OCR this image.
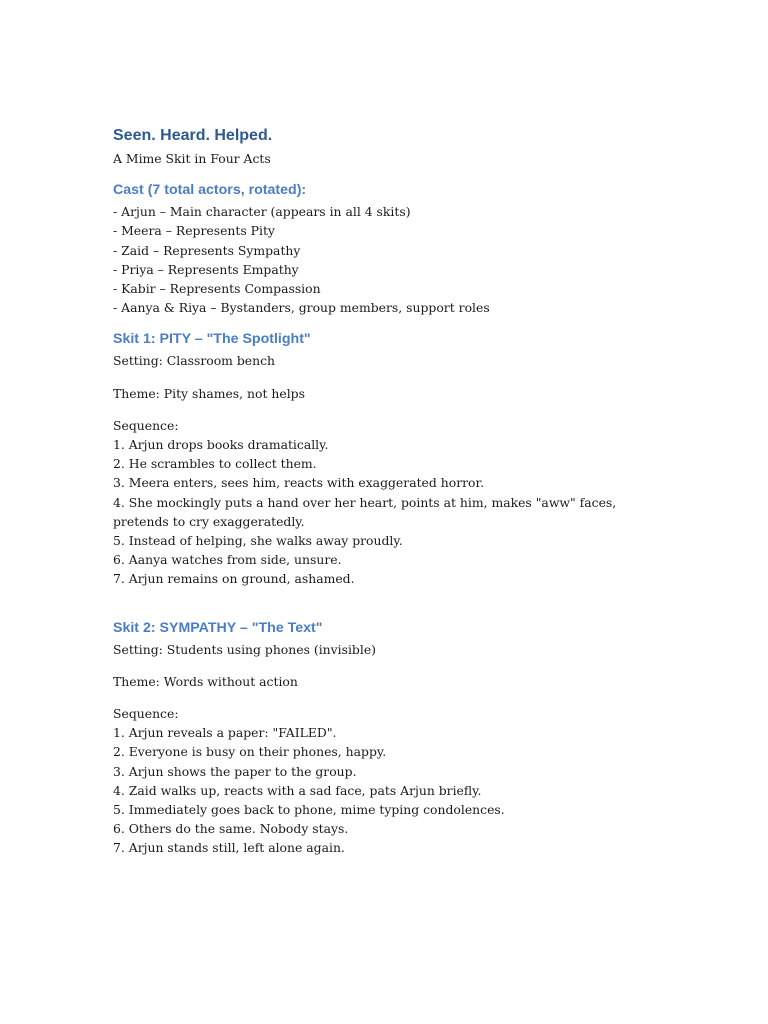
Seen. Heard. Helped.
A Mime Skit in Four Acts
Cast (7 total actors, rotated):
- Arjun – Main character (appears in all 4 skits)
- Meera – Represents Pity
- Zaid – Represents Sympathy
- Priya – Represents Empathy
- Kabir – Represents Compassion
- Aanya & Riya – Bystanders, group members, support roles
Skit 1: PITY – "The Spotlight"

Setting: Classroom bench

Theme: Pity shames, not helps

Sequence:

1. Arjun drops books dramatically.
2. He scrambles to collect them.
3. Meera enters, sees him, reacts with exaggerated horror.
4. She mockingly puts a hand over her heart, points at him, makes "aww" faces, pretends to cry exaggeratedly.
5. Instead of helping, she walks away proudly.
6. Aanya watches from side, unsure.
7. Arjun remains on ground, ashamed.
Skit 2: SYMPATHY – "The Text"

Setting: Students using phones (invisible)

Theme: Words without action

Sequence:

1. Arjun reveals a paper: "FAILED".
2. Everyone is busy on their phones, happy.
3. Arjun shows the paper to the group.
4. Zaid walks up, reacts with a sad face, pats Arjun briefly.
5. Immediately goes back to phone, mime typing condolences.
6. Others do the same. Nobody stays.
7. Arjun stands still, left alone again.
